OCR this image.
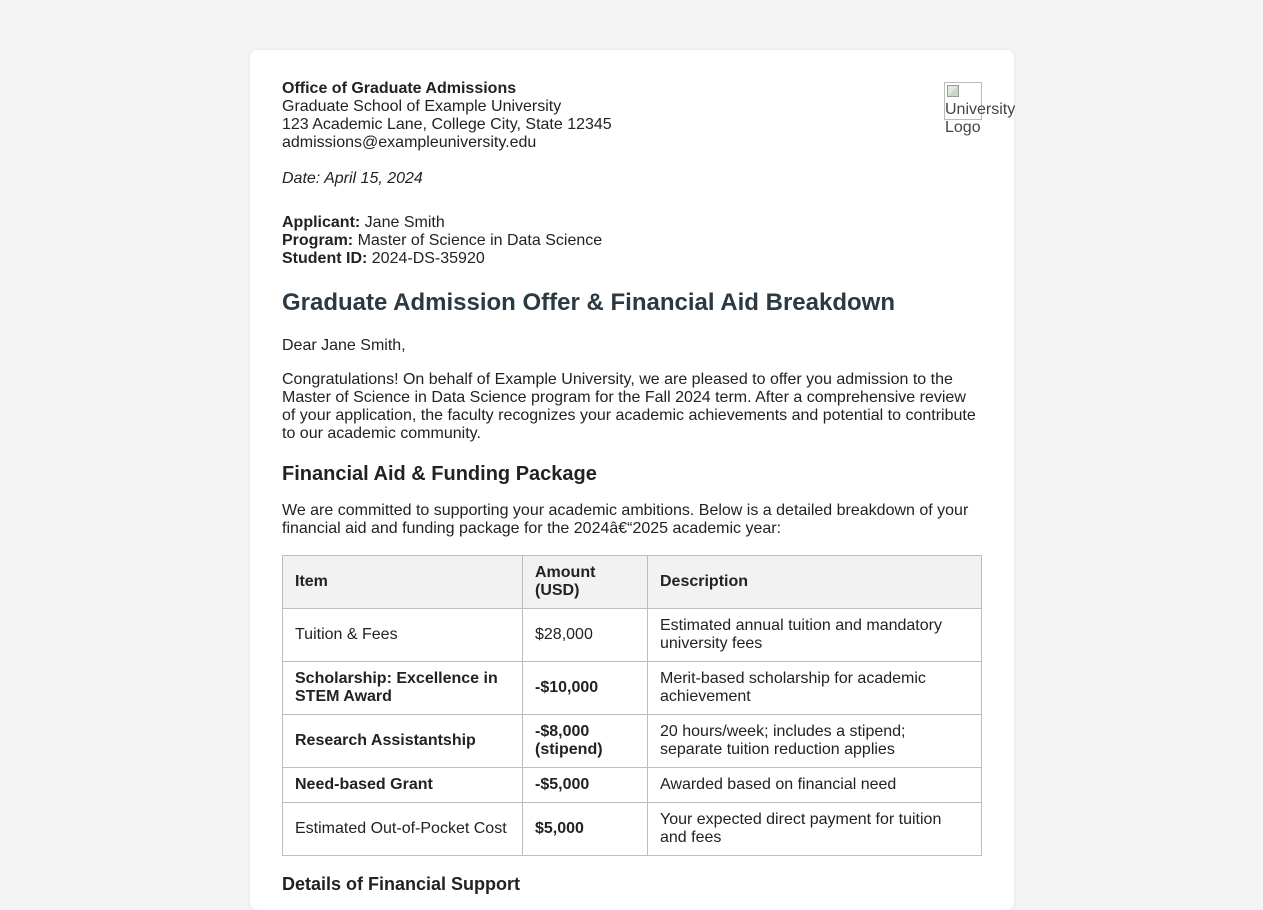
University Logo
Office of Graduate Admissions
Graduate School of Example University
123 Academic Lane, College City, State 12345
admissions@exampleuniversity.edu
Date: April 15, 2024
Applicant: Jane Smith
Program: Master of Science in Data Science
Student ID: 2024-DS-35920
Graduate Admission Offer & Financial Aid Breakdown
Dear Jane Smith,
Congratulations! On behalf of Example University, we are pleased to offer you admission to the Master of Science in Data Science program for the Fall 2024 term. After a comprehensive review of your application, the faculty recognizes your academic achievements and potential to contribute to our academic community.
Financial Aid & Funding Package
We are committed to supporting your academic ambitions. Below is a detailed breakdown of your financial aid and funding package for the 2024â€“2025 academic year:
Item	Amount (USD)	Description
Tuition & Fees	$28,000	Estimated annual tuition and mandatory university fees
Scholarship: Excellence in STEM Award	-$10,000	Merit-based scholarship for academic achievement
Research Assistantship	-$8,000 (stipend)	20 hours/week; includes a stipend; separate tuition reduction applies
Need-based Grant	-$5,000	Awarded based on financial need
Estimated Out-of-Pocket Cost	$5,000	Your expected direct payment for tuition and fees
Details of Financial Support
